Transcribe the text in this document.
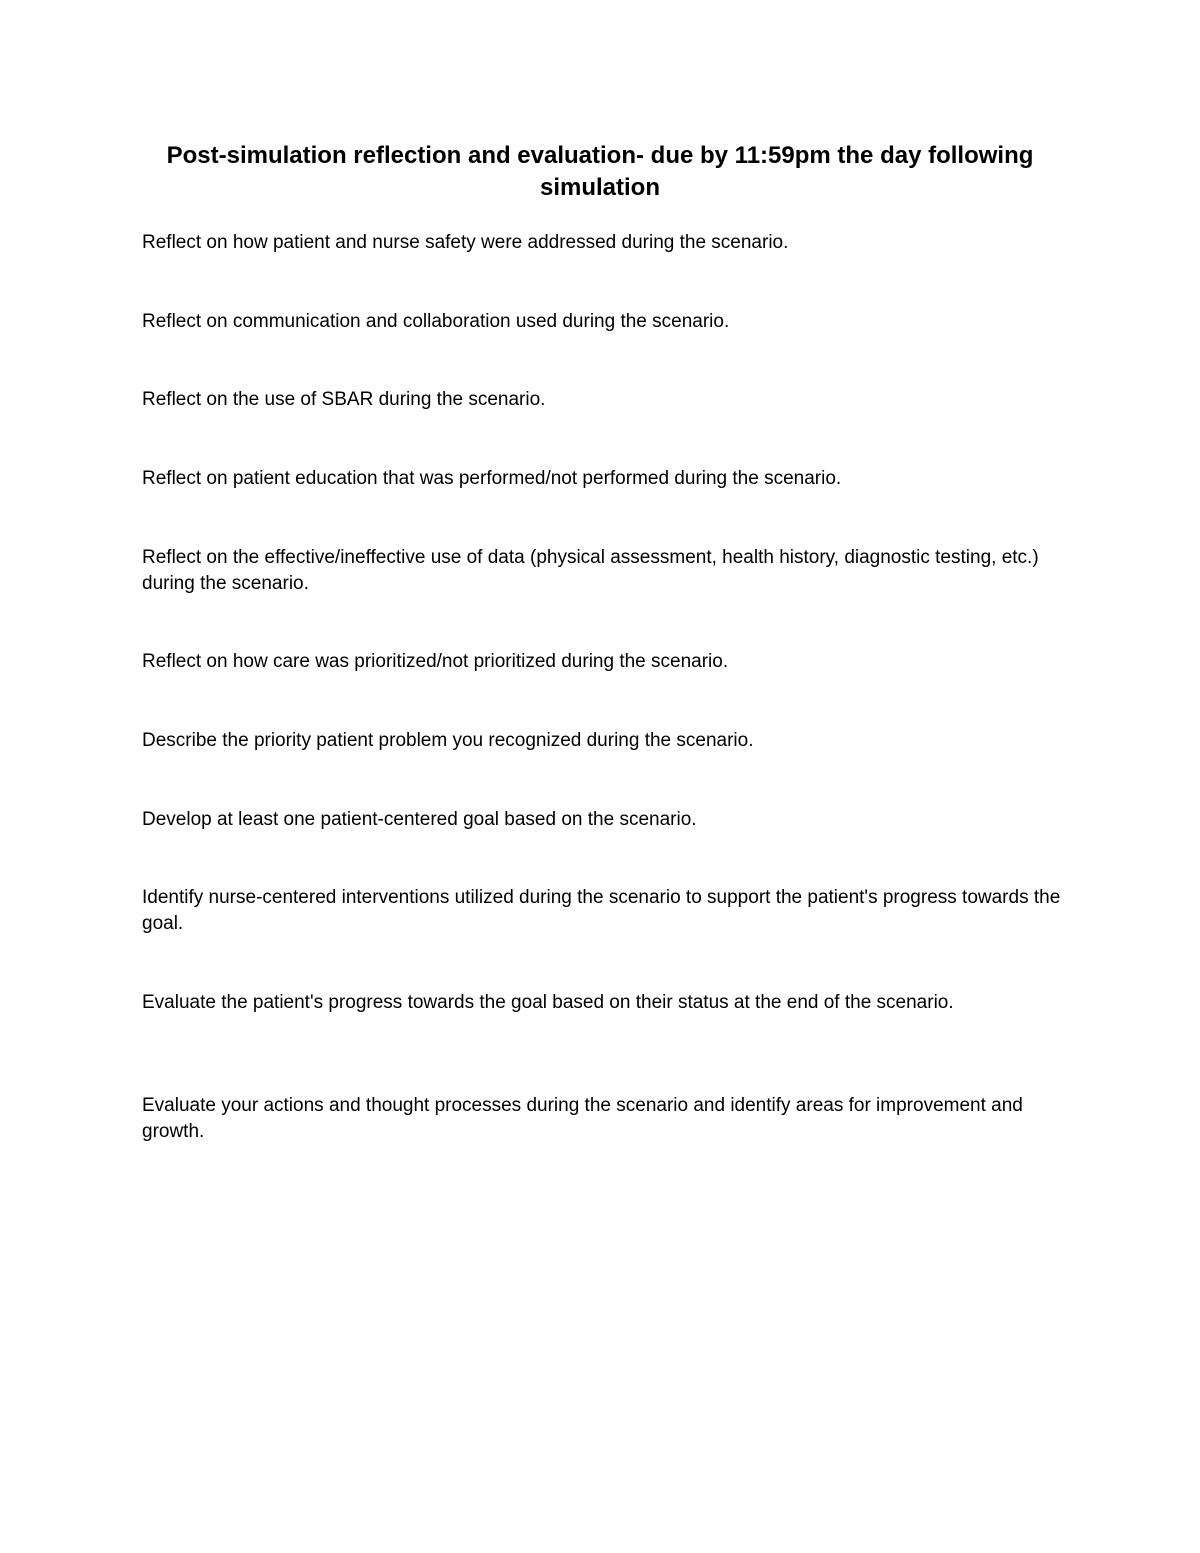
Post-simulation reflection and evaluation- due by 11:59pm the day following simulation

Reflect on how patient and nurse safety were addressed during the scenario.

Reflect on communication and collaboration used during the scenario.

Reflect on the use of SBAR during the scenario.

Reflect on patient education that was performed/not performed during the scenario.

Reflect on the effective/ineffective use of data (physical assessment, health history, diagnostic testing, etc.) during the scenario.

Reflect on how care was prioritized/not prioritized during the scenario.

Describe the priority patient problem you recognized during the scenario.

Develop at least one patient-centered goal based on the scenario.

Identify nurse-centered interventions utilized during the scenario to support the patient's progress towards the goal.

Evaluate the patient's progress towards the goal based on their status at the end of the scenario.

Evaluate your actions and thought processes during the scenario and identify areas for improvement and growth.
